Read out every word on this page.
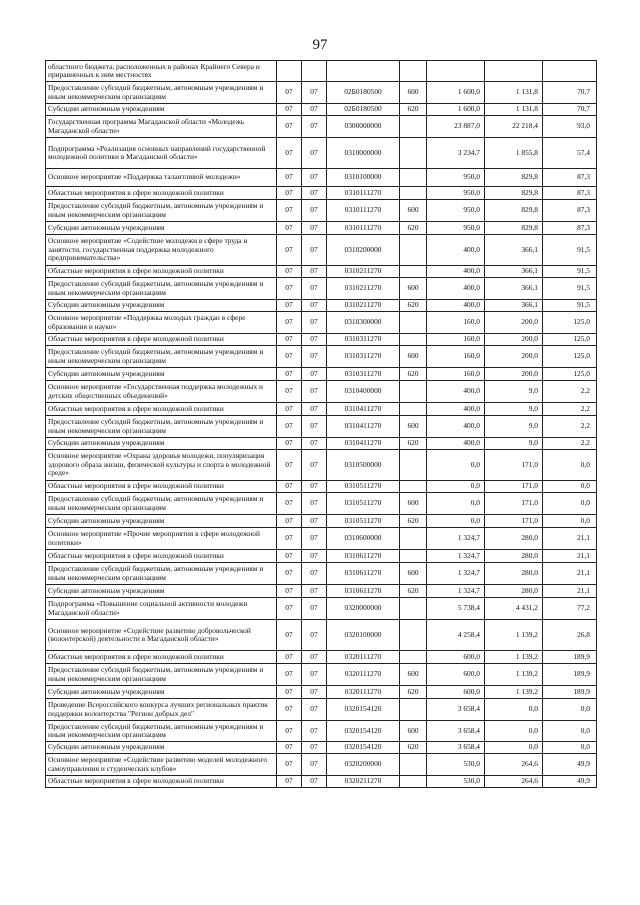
97
областного бюджета, расположенных в районах Крайнего Севера и приравненных к ним местностях							
Предоставление субсидий бюджетным, автономным учреждениям и иным некоммерческим организациям	07	07	02Б0180500	600	1 600,0	1 131,8	70,7
Субсидии автономным учреждениям	07	07	02Б0180500	620	1 600,0	1 131,8	70,7
Государственная программа Магаданской области «Молодежь Магаданской области»	07	07	0300000000		23 887,0	22 218,4	93,0
Подпрограмма «Реализация основных направлений государственной молодежной политики в Магаданской области»	07	07	0310000000		3 234,7	1 855,8	57,4
Основное мероприятие «Поддержка талантливой молодежи»	07	07	0310100000		950,0	829,8	87,3
Областные мероприятия в сфере молодежной политики	07	07	0310111270		950,0	829,8	87,3
Предоставление субсидий бюджетным, автономным учреждениям и иным некоммерческим организациям	07	07	0310111270	600	950,0	829,8	87,3
Субсидии автономным учреждениям	07	07	0310111270	620	950,0	829,8	87,3
Основное мероприятие «Содействие молодежи в сфере труда и занятости, государственная поддержка молодежного предпринимательства»	07	07	0310200000		400,0	366,1	91,5
Областные мероприятия в сфере молодежной политики	07	07	0310211270		400,0	366,1	91,5
Предоставление субсидий бюджетным, автономным учреждениям и иным некоммерческим организациям	07	07	0310211270	600	400,0	366,1	91,5
Субсидии автономным учреждениям	07	07	0310211270	620	400,0	366,1	91,5
Основное мероприятие «Поддержка молодых граждан в сфере образования и науки»	07	07	0310300000		160,0	200,0	125,0
Областные мероприятия в сфере молодежной политики	07	07	0310311270		160,0	200,0	125,0
Предоставление субсидий бюджетным, автономным учреждениям и иным некоммерческим организациям	07	07	0310311270	600	160,0	200,0	125,0
Субсидии автономным учреждениям	07	07	0310311270	620	160,0	200,0	125,0
Основное мероприятие «Государственная поддержка молодежных и детских общественных объединений»	07	07	0310400000		400,0	9,0	2,2
Областные мероприятия в сфере молодежной политики	07	07	0310411270		400,0	9,0	2,2
Предоставление субсидий бюджетным, автономным учреждениям и иным некоммерческим организациям	07	07	0310411270	600	400,0	9,0	2,2
Субсидии автономным учреждениям	07	07	0310411270	620	400,0	9,0	2,2
Основное мероприятие «Охрана здоровья молодежи, популяризация здорового образа жизни, физической культуры и спорта в молодежной среде»	07	07	0310500000		0,0	171,0	0,0
Областные мероприятия в сфере молодежной политики	07	07	0310511270		0,0	171,0	0,0
Предоставление субсидий бюджетным, автономным учреждениям и иным некоммерческим организациям	07	07	0310511270	600	0,0	171,0	0,0
Субсидии автономным учреждениям	07	07	0310511270	620	0,0	171,0	0,0
Основное мероприятие «Прочие мероприятия в сфере молодежной политики»	07	07	0310600000		1 324,7	280,0	21,1
Областные мероприятия в сфере молодежной политики	07	07	0310611270		1 324,7	280,0	21,1
Предоставление субсидий бюджетным, автономным учреждениям и иным некоммерческим организациям	07	07	0310611270	600	1 324,7	280,0	21,1
Субсидии автономным учреждениям	07	07	0310611270	620	1 324,7	280,0	21,1
Подпрограмма «Повышение социальной активности молодежи Магаданской области»	07	07	0320000000		5 738,4	4 431,2	77,2
Основное мероприятие «Содействие развитию добровольческой (волонтерской) деятельности в Магаданской области»	07	07	0320100000		4 258,4	1 139,2	26,8
Областные мероприятия в сфере молодежной политики	07	07	0320111270		600,0	1 139,2	189,9
Предоставление субсидий бюджетным, автономным учреждениям и иным некоммерческим организациям	07	07	0320111270	600	600,0	1 139,2	189,9
Субсидии автономным учреждениям	07	07	0320111270	620	600,0	1 139,2	189,9
Проведение Всероссийского конкурса лучших региональных практик поддержки волонтерства "Регион добрых дел"	07	07	0320154120		3 658,4	0,0	0,0
Предоставление субсидий бюджетным, автономным учреждениям и иным некоммерческим организациям	07	07	0320154120	600	3 658,4	0,0	0,0
Субсидии автономным учреждениям	07	07	0320154120	620	3 658,4	0,0	0,0
Основное мероприятие «Содействие развитию моделей молодежного самоуправления и студенческих клубов»	07	07	0320200000		530,0	264,6	49,9
Областные мероприятия в сфере молодежной политики	07	07	0320211270		530,0	264,6	49,9
